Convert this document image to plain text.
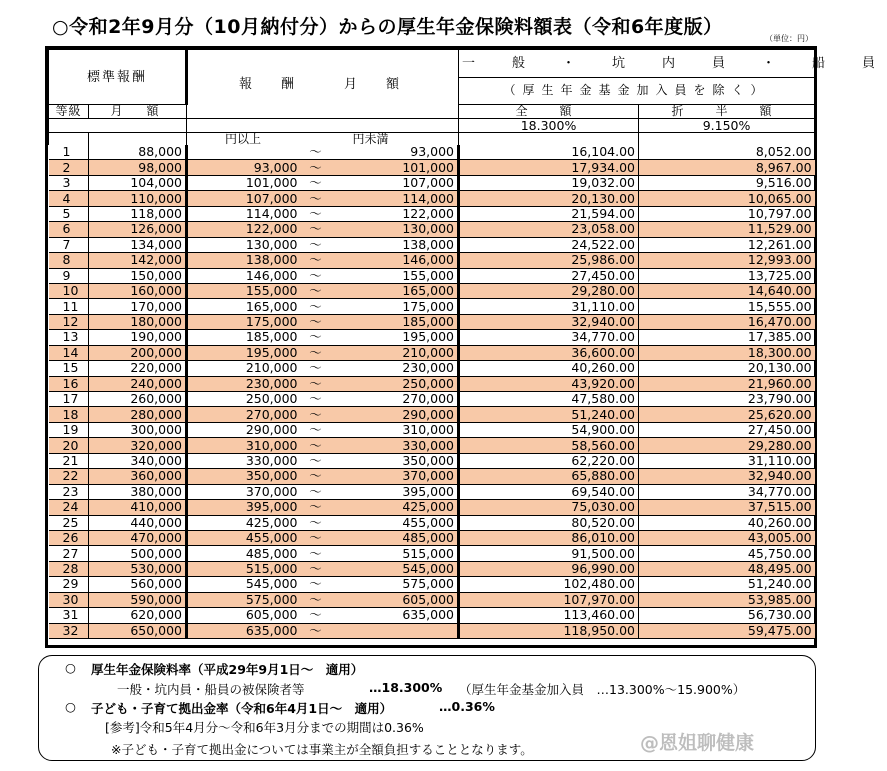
○令和2年9月分（10月納付分）からの厚生年金保険料額表（令和6年度版）
（単位：円）
標準報酬		報　酬　　月　額			一　般　・　坑　内　員　・　船　員	
					（厚生年金基金加入員を除く）	
等級	月　額				全　額	折　半　額
					18.300%	9.150%
		円以上		円未満		
1	88,000		～	93,000	16,104.00	8,052.00
2	98,000	93,000	～	101,000	17,934.00	8,967.00
3	104,000	101,000	～	107,000	19,032.00	9,516.00
4	110,000	107,000	～	114,000	20,130.00	10,065.00
5	118,000	114,000	～	122,000	21,594.00	10,797.00
6	126,000	122,000	～	130,000	23,058.00	11,529.00
7	134,000	130,000	～	138,000	24,522.00	12,261.00
8	142,000	138,000	～	146,000	25,986.00	12,993.00
9	150,000	146,000	～	155,000	27,450.00	13,725.00
10	160,000	155,000	～	165,000	29,280.00	14,640.00
11	170,000	165,000	～	175,000	31,110.00	15,555.00
12	180,000	175,000	～	185,000	32,940.00	16,470.00
13	190,000	185,000	～	195,000	34,770.00	17,385.00
14	200,000	195,000	～	210,000	36,600.00	18,300.00
15	220,000	210,000	～	230,000	40,260.00	20,130.00
16	240,000	230,000	～	250,000	43,920.00	21,960.00
17	260,000	250,000	～	270,000	47,580.00	23,790.00
18	280,000	270,000	～	290,000	51,240.00	25,620.00
19	300,000	290,000	～	310,000	54,900.00	27,450.00
20	320,000	310,000	～	330,000	58,560.00	29,280.00
21	340,000	330,000	～	350,000	62,220.00	31,110.00
22	360,000	350,000	～	370,000	65,880.00	32,940.00
23	380,000	370,000	～	395,000	69,540.00	34,770.00
24	410,000	395,000	～	425,000	75,030.00	37,515.00
25	440,000	425,000	～	455,000	80,520.00	40,260.00
26	470,000	455,000	～	485,000	86,010.00	43,005.00
27	500,000	485,000	～	515,000	91,500.00	45,750.00
28	530,000	515,000	～	545,000	96,990.00	48,495.00
29	560,000	545,000	～	575,000	102,480.00	51,240.00
30	590,000	575,000	～	605,000	107,970.00	53,985.00
31	620,000	605,000	～	635,000	113,460.00	56,730.00
32	650,000	635,000	～		118,950.00	59,475.00
○ 厚生年金保険料率（平成29年9月1日～　適用）
一般・坑内員・船員の被保険者等	…18.300% （厚生年金基金加入員　…13.300%～15.900%）
○ 子ども・子育て拠出金率（令和6年4月1日～　適用）	…0.36%
[参考]令和5年4月分～令和6年3月分までの期間は0.36%
※子ども・子育て拠出金については事業主が全額負担することとなります。	@恩姐聊健康
